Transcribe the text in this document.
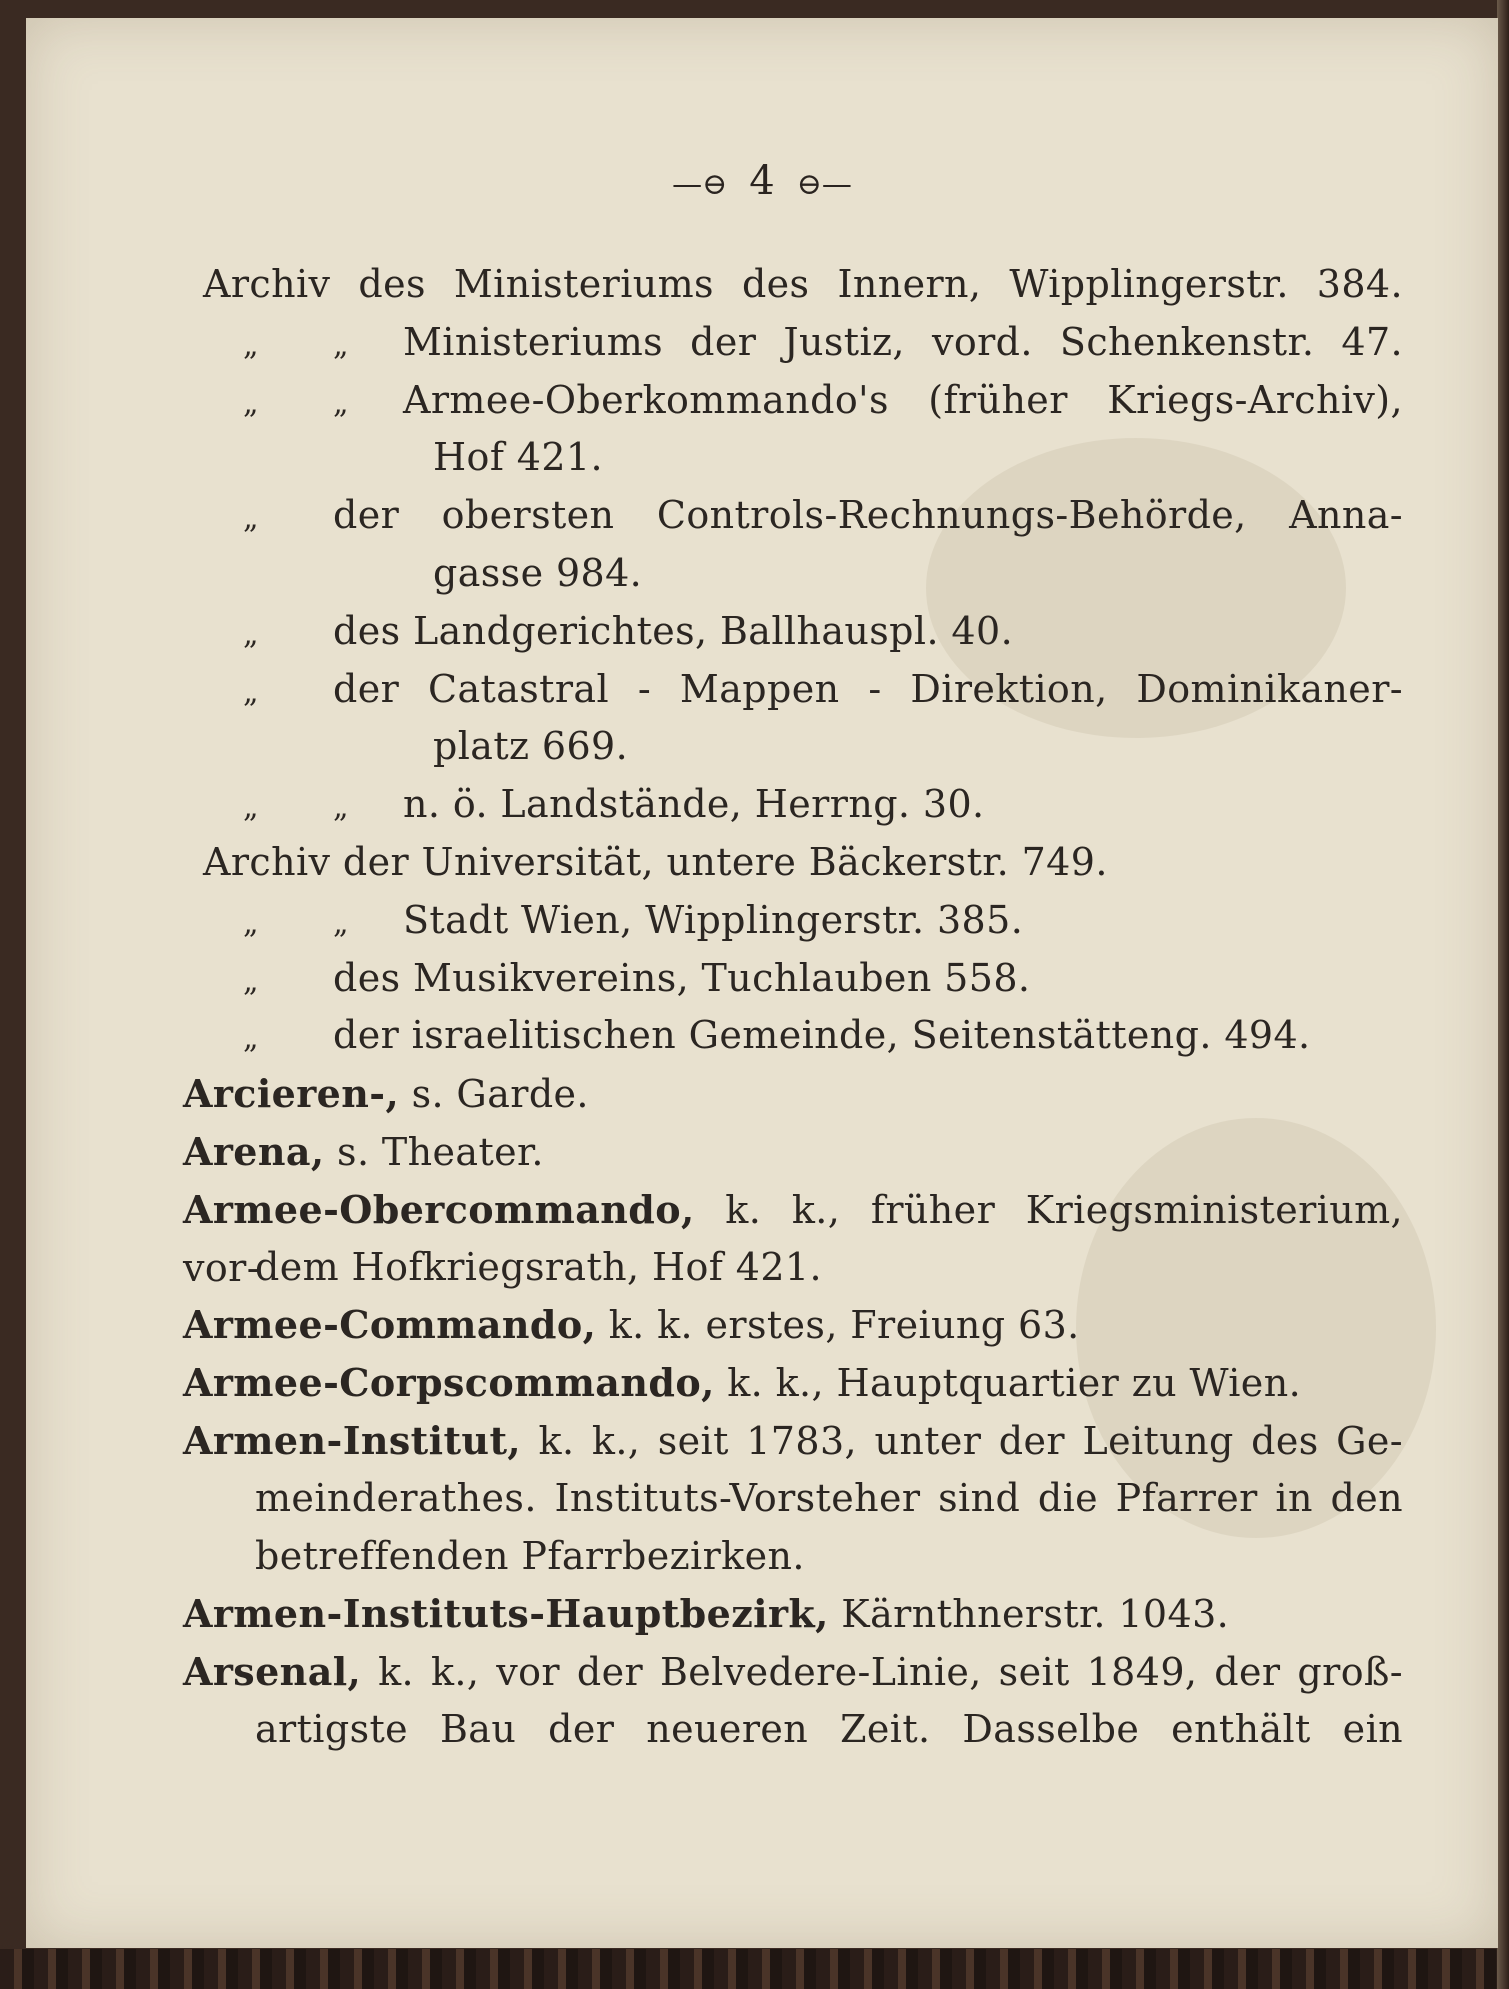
—⊖ 4 ⊖—
Archiv des Ministeriums des Innern, Wipplingerstr. 384.
„ „ Ministeriums der Justiz, vord. Schenkenstr. 47.
„ „ Armee-Oberkommando's (früher Kriegs-Archiv),
Hof 421.
„ der obersten Controls-Rechnungs-Behörde, Anna-
gasse 984.
„ des Landgerichtes, Ballhauspl. 40.
„ der Catastral - Mappen - Direktion, Dominikaner-
platz 669.
„ „ n. ö. Landstände, Herrng. 30.
Archiv der Universität, untere Bäckerstr. 749.
„ „ Stadt Wien, Wipplingerstr. 385.
„ des Musikvereins, Tuchlauben 558.
„ der israelitischen Gemeinde, Seitenstätteng. 494.
Arcieren-, s. Garde.
Arena, s. Theater.
Armee-Obercommando, k. k., früher Kriegsministerium, vor-
dem Hofkriegsrath, Hof 421.
Armee-Commando, k. k. erstes, Freiung 63.
Armee-Corpscommando, k. k., Hauptquartier zu Wien.
Armen-Institut, k. k., seit 1783, unter der Leitung des Ge-
meinderathes. Instituts-Vorsteher sind die Pfarrer in den
betreffenden Pfarrbezirken.
Armen-Instituts-Hauptbezirk, Kärnthnerstr. 1043.
Arsenal, k. k., vor der Belvedere-Linie, seit 1849, der groß-
artigste Bau der neueren Zeit. Dasselbe enthält ein
